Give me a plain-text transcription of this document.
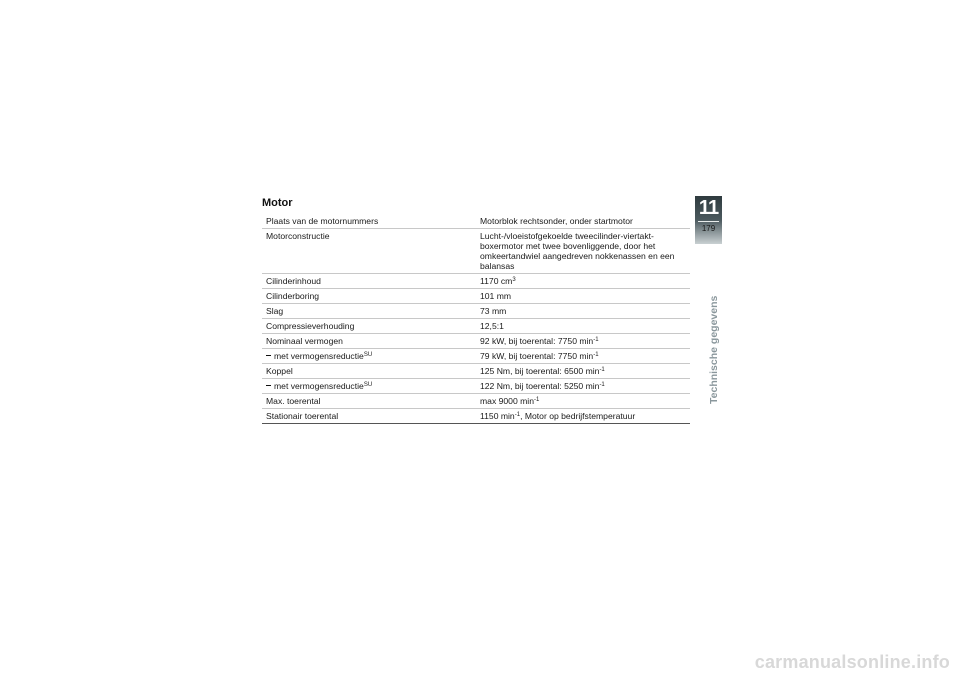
Motor
Plaats van de motornummers	Motorblok rechtsonder, onder startmotor
Motorconstructie	Lucht-/vloeistofgekoelde tweecilinder-viertakt-boxermotor met twee bovenliggende, door het omkeertandwiel aangedreven nokkenassen en een balansas
Cilinderinhoud	1170 $cm^3$
Cilinderboring	101 mm
Slag	73 mm
Compressieverhouding	12,5:1
Nominaal vermogen	92 kW, bij toerental: 7750 $\min^{-1}$
met vermogensreductie$^{SU}$	79 kW, bij toerental: 7750 $\min^{-1}$
Koppel	125 Nm, bij toerental: 6500 $\min^{-1}$
met vermogensreductie$^{SU}$	122 Nm, bij toerental: 5250 $\min^{-1}$
Max. toerental	max 9000 $\min^{-1}$
Stationair toerental	1150 $\min^{-1}$, Motor op bedrijfstemperatuur
11
179
Technische gegevens
carmanualsonline.info
